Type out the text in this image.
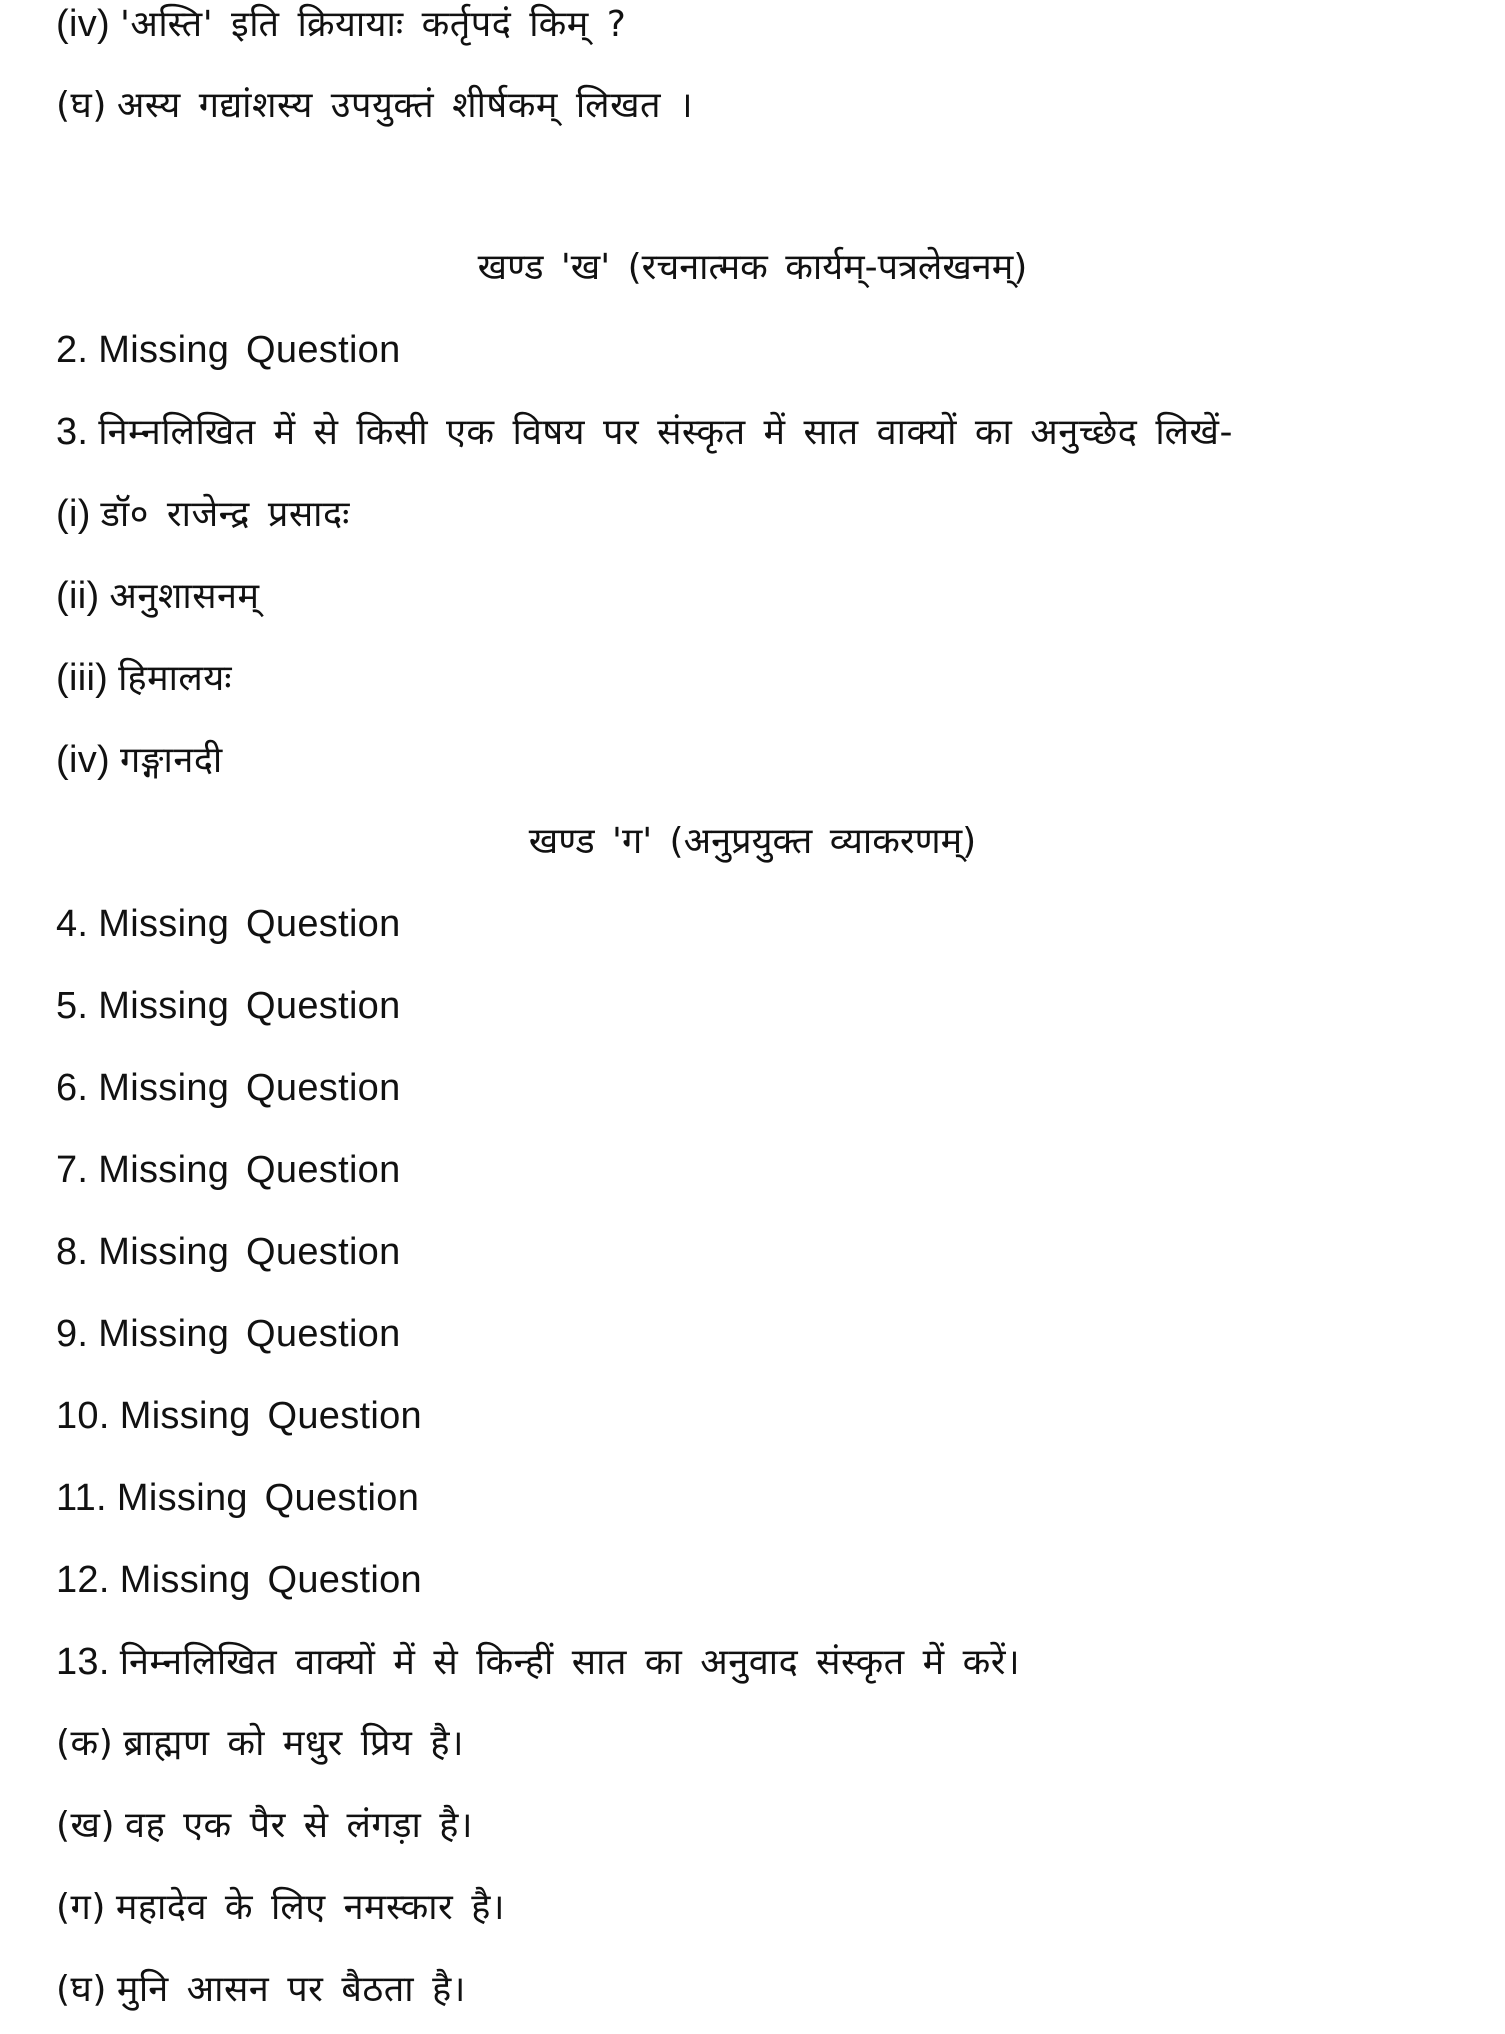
(iv) 'अस्ति' इति क्रियायाः कर्तृपदं किम् ?
(घ) अस्य गद्यांशस्य उपयुक्तं शीर्षकम् लिखत ।
खण्ड 'ख' (रचनात्मक कार्यम्-पत्रलेखनम्)
2. Missing Question
3. निम्नलिखित में से किसी एक विषय पर संस्कृत में सात वाक्यों का अनुच्छेद लिखें-
(i) डॉ० राजेन्द्र प्रसादः
(ii) अनुशासनम्
(iii) हिमालयः
(iv) गङ्गानदी
खण्ड 'ग' (अनुप्रयुक्त व्याकरणम्)
4. Missing Question
5. Missing Question
6. Missing Question
7. Missing Question
8. Missing Question
9. Missing Question
10. Missing Question
11. Missing Question
12. Missing Question
13. निम्नलिखित वाक्यों में से किन्हीं सात का अनुवाद संस्कृत में करें।
(क) ब्राह्मण को मधुर प्रिय है।
(ख) वह एक पैर से लंगड़ा है।
(ग) महादेव के लिए नमस्कार है।
(घ) मुनि आसन पर बैठता है।
